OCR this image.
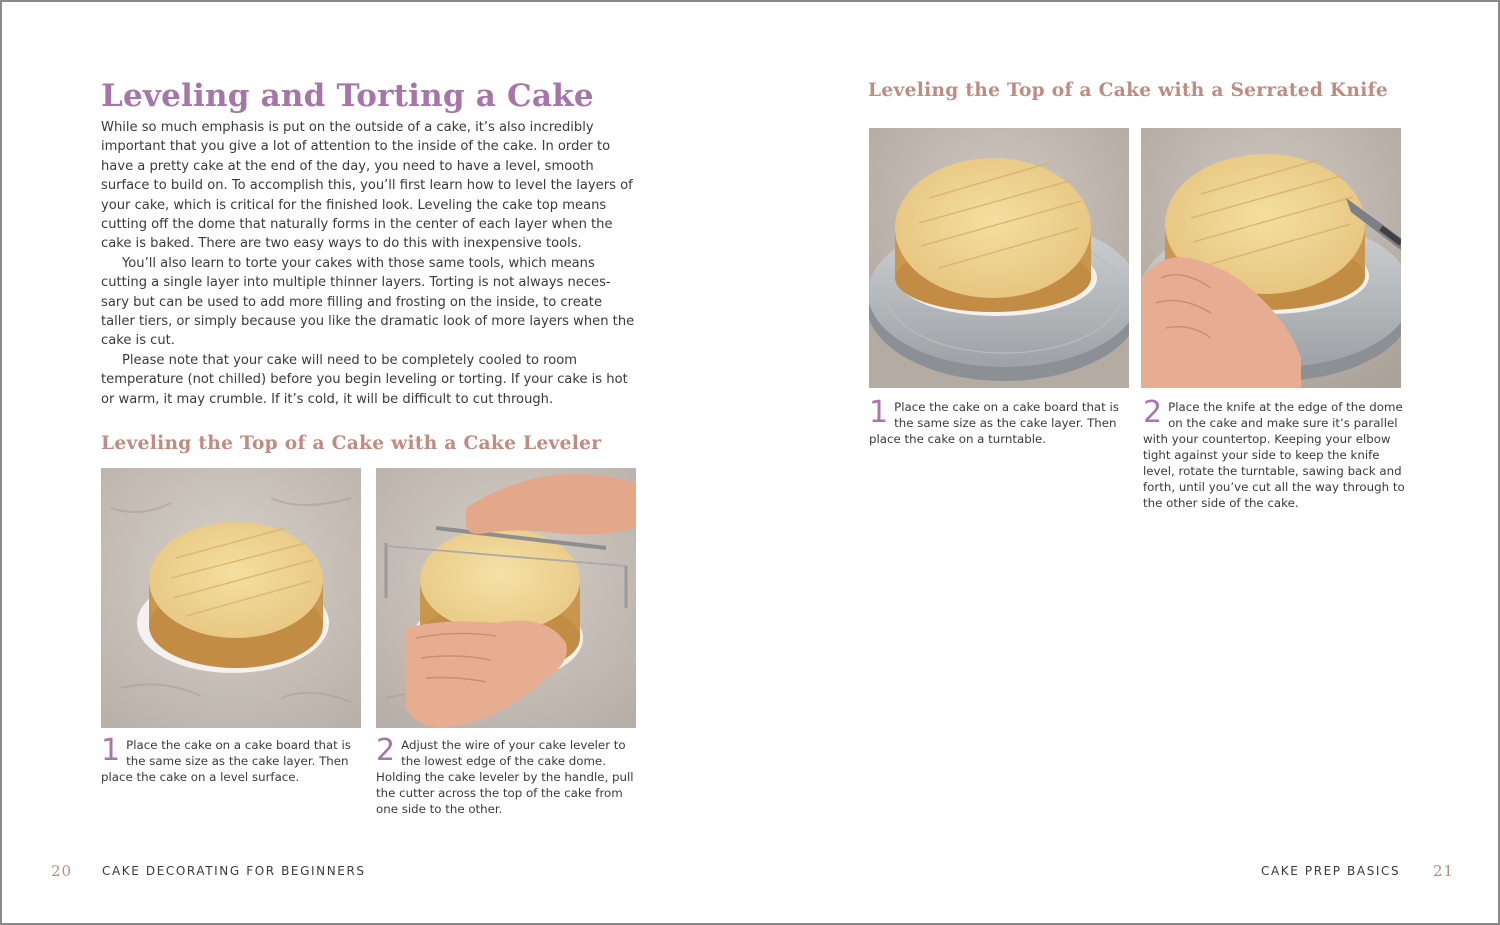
Leveling and Torting a Cake

While so much emphasis is put on the outside of a cake, it’s also incredibly important that you give a lot of attention to the inside of the cake. In order to have a pretty cake at the end of the day, you need to have a level, smooth surface to build on. To accomplish this, you’ll first learn how to level the layers of your cake, which is critical for the finished look. Leveling the cake top means cutting off the dome that naturally forms in the center of each layer when the cake is baked. There are two easy ways to do this with inexpensive tools.

You’ll also learn to torte your cakes with those same tools, which means cutting a single layer into multiple thinner layers. Torting is not always neces- sary but can be used to add more filling and frosting on the inside, to create taller tiers, or simply because you like the dramatic look of more layers when the cake is cut.

Please note that your cake will need to be completely cooled to room temperature (not chilled) before you begin leveling or torting. If your cake is hot or warm, it may crumble. If it’s cold, it will be difficult to cut through.

Leveling the Top of a Cake with a Cake Leveler
1 Place the cake on a cake board that is the same size as the cake layer. Then place the cake on a level surface.
2 Adjust the wire of your cake leveler to the lowest edge of the cake dome. Holding the cake leveler by the handle, pull the cutter across the top of the cake from one side to the other.
20 CAKE DECORATING FOR BEGINNERS
Leveling the Top of a Cake with a Serrated Knife
1 Place the cake on a cake board that is the same size as the cake layer. Then place the cake on a turntable.
2 Place the knife at the edge of the dome on the cake and make sure it’s parallel with your countertop. Keeping your elbow tight against your side to keep the knife level, rotate the turntable, sawing back and forth, until you’ve cut all the way through to the other side of the cake.
CAKE PREP BASICS 21
